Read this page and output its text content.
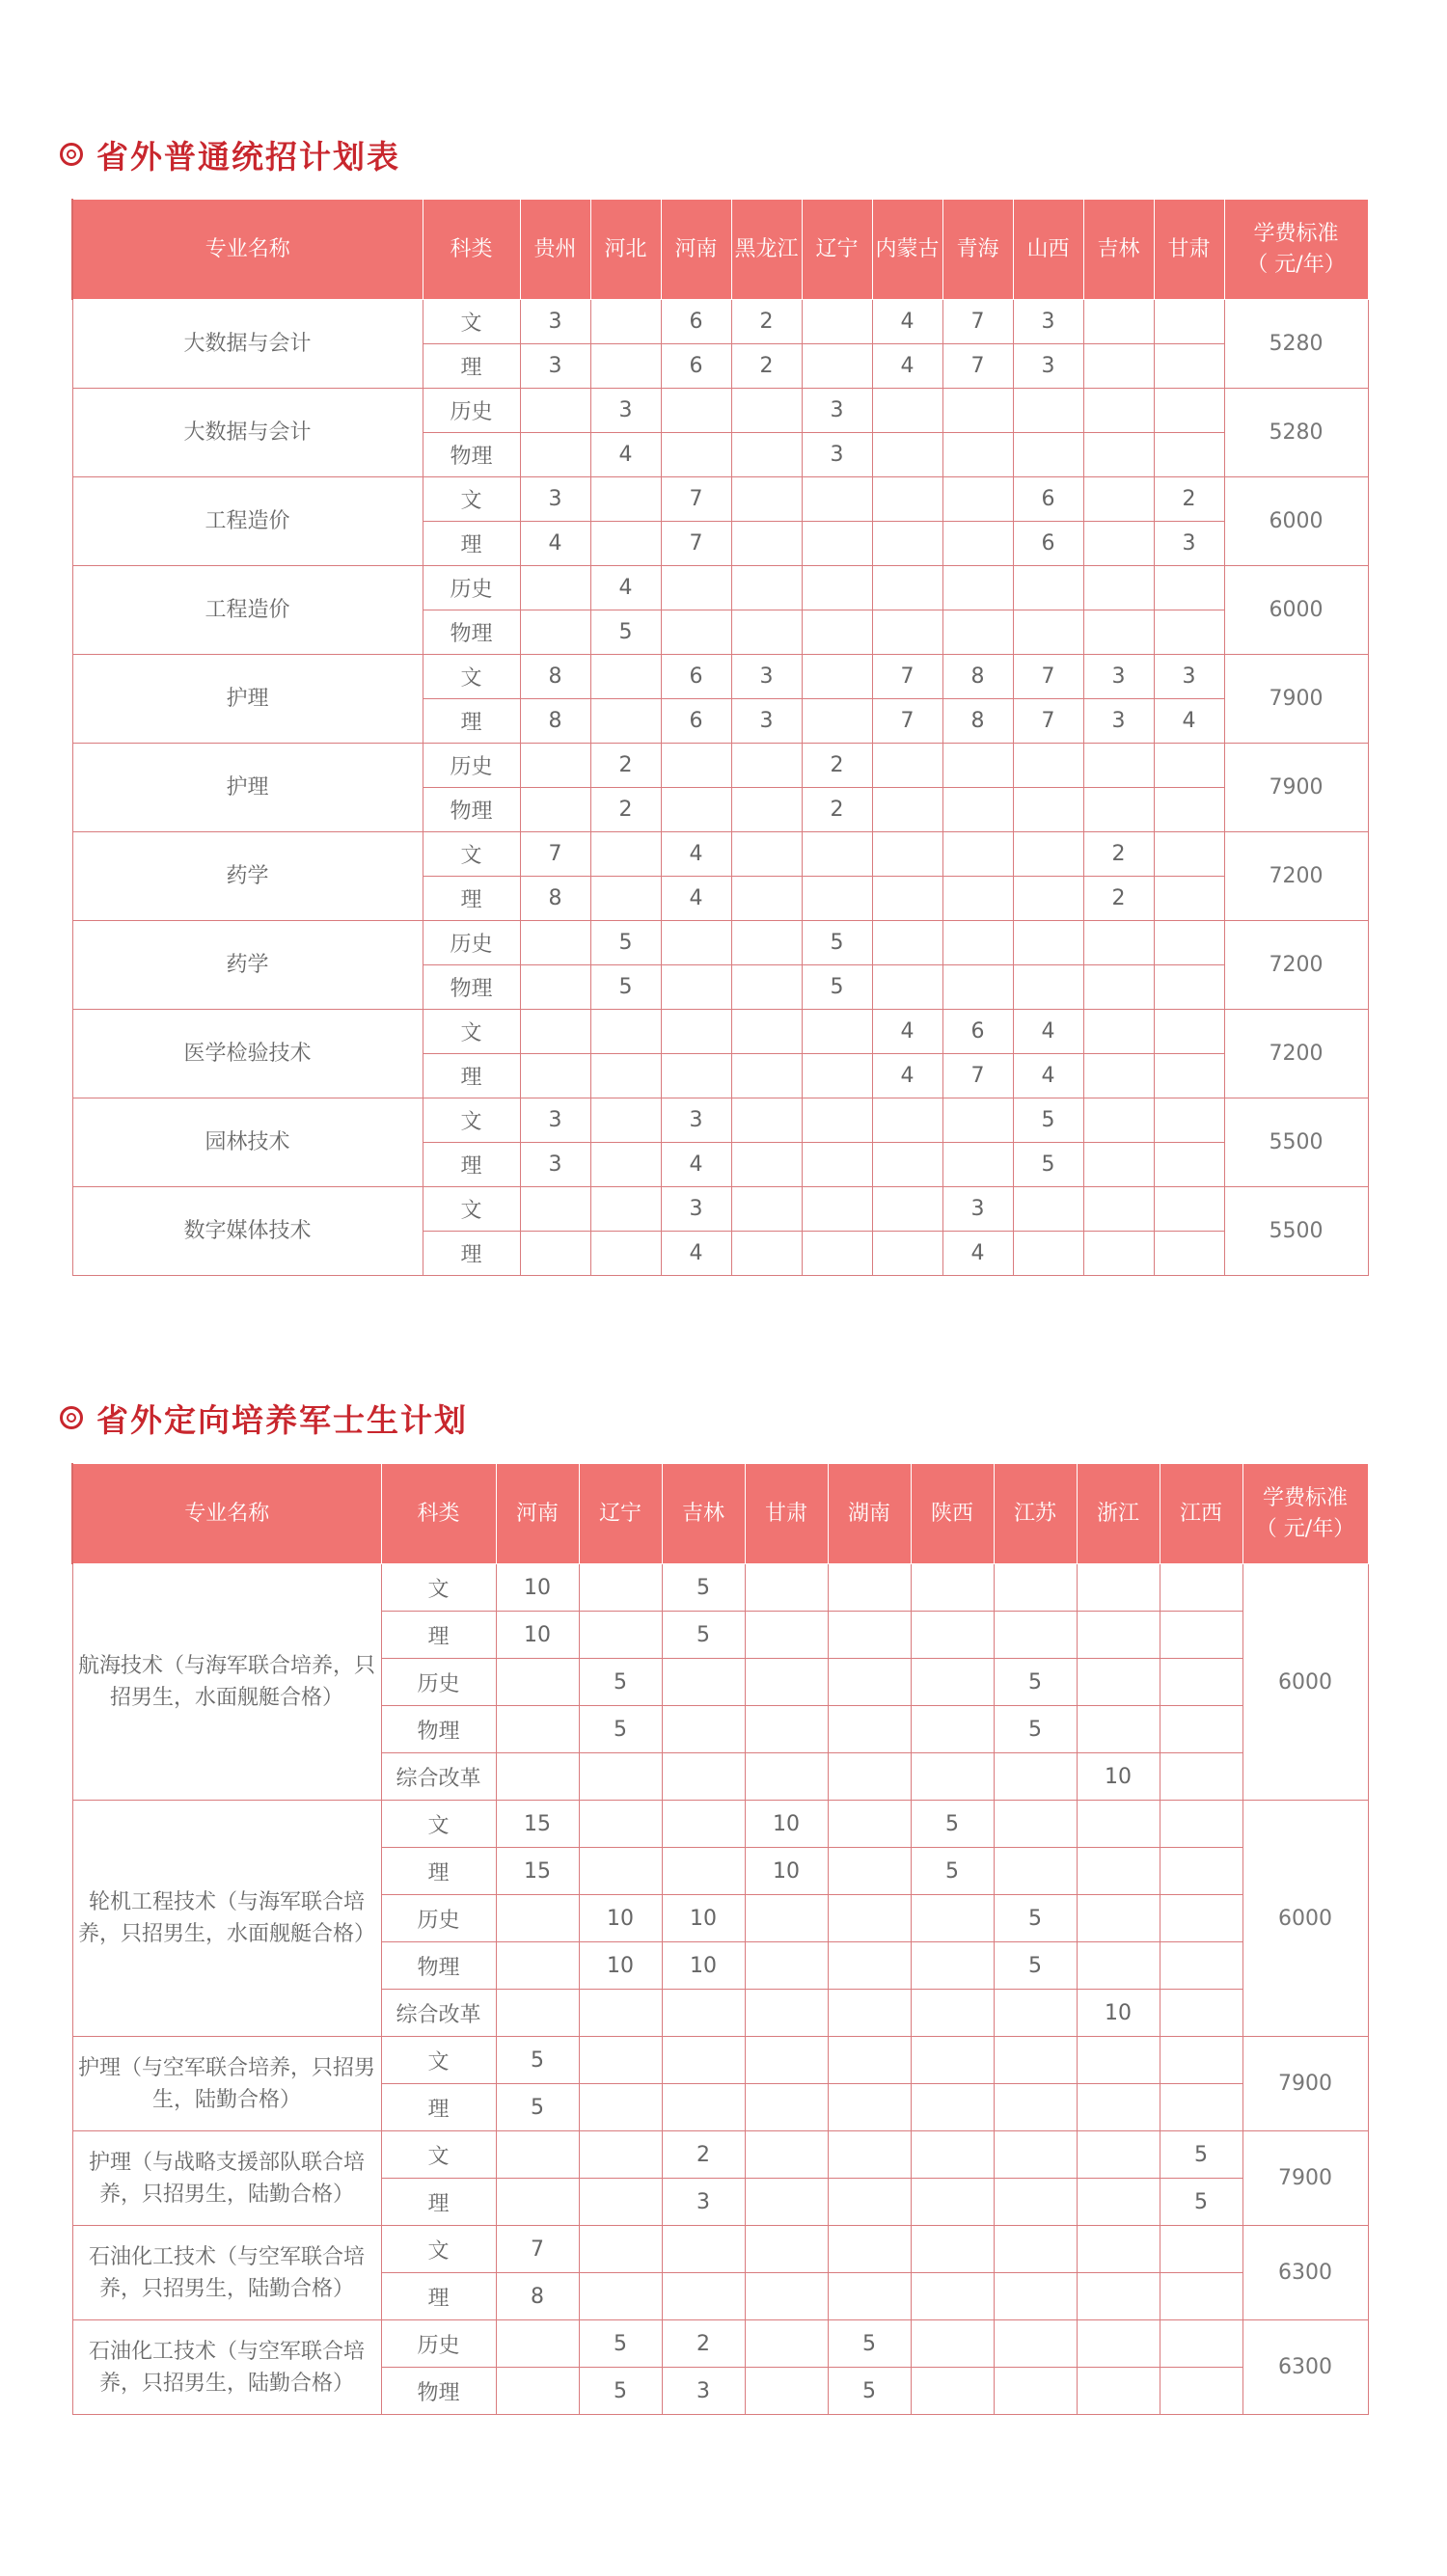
省外普通统招计划表
专业名称	科类	贵州	河北	河南	黑龙江	辽宁	内蒙古	青海	山西	吉林	甘肃	学费标准
（ 元/年）
大数据与会计	文	3		6	2		4	7	3			5280
	理	3		6	2		4	7	3			
大数据与会计	历史		3			3						5280
	物理		4			3						
工程造价	文	3		7					6		2	6000
	理	4		7					6		3	
工程造价	历史		4									6000
	物理		5									
护理	文	8		6	3		7	8	7	3	3	7900
	理	8		6	3		7	8	7	3	4	
护理	历史		2			2						7900
	物理		2			2						
药学	文	7		4						2		7200
	理	8		4						2		
药学	历史		5			5						7200
	物理		5			5						
医学检验技术	文						4	6	4			7200
	理						4	7	4			
园林技术	文	3		3					5			5500
	理	3		4					5			
数字媒体技术	文			3				3				5500
	理			4				4				
省外定向培养军士生计划
专业名称	科类	河南	辽宁	吉林	甘肃	湖南	陕西	江苏	浙江	江西	学费标准
（ 元/年）
航海技术（与海军联合培养，只招男生，水面舰艇合格）	文	10		5							6000
	理	10		5							
	历史		5					5			
	物理		5					5			
	综合改革								10		
轮机工程技术（与海军联合培养，只招男生，水面舰艇合格）	文	15			10		5				6000
	理	15			10		5				
	历史		10	10				5			
	物理		10	10				5			
	综合改革								10		
护理（与空军联合培养，只招男生，陆勤合格）	文	5									7900
	理	5									
护理（与战略支援部队联合培养，只招男生，陆勤合格）	文			2						5	7900
	理			3						5	
石油化工技术（与空军联合培养，只招男生，陆勤合格）	文	7									6300
	理	8									
石油化工技术（与空军联合培养，只招男生，陆勤合格）	历史		5	2		5					6300
	物理		5	3		5					
